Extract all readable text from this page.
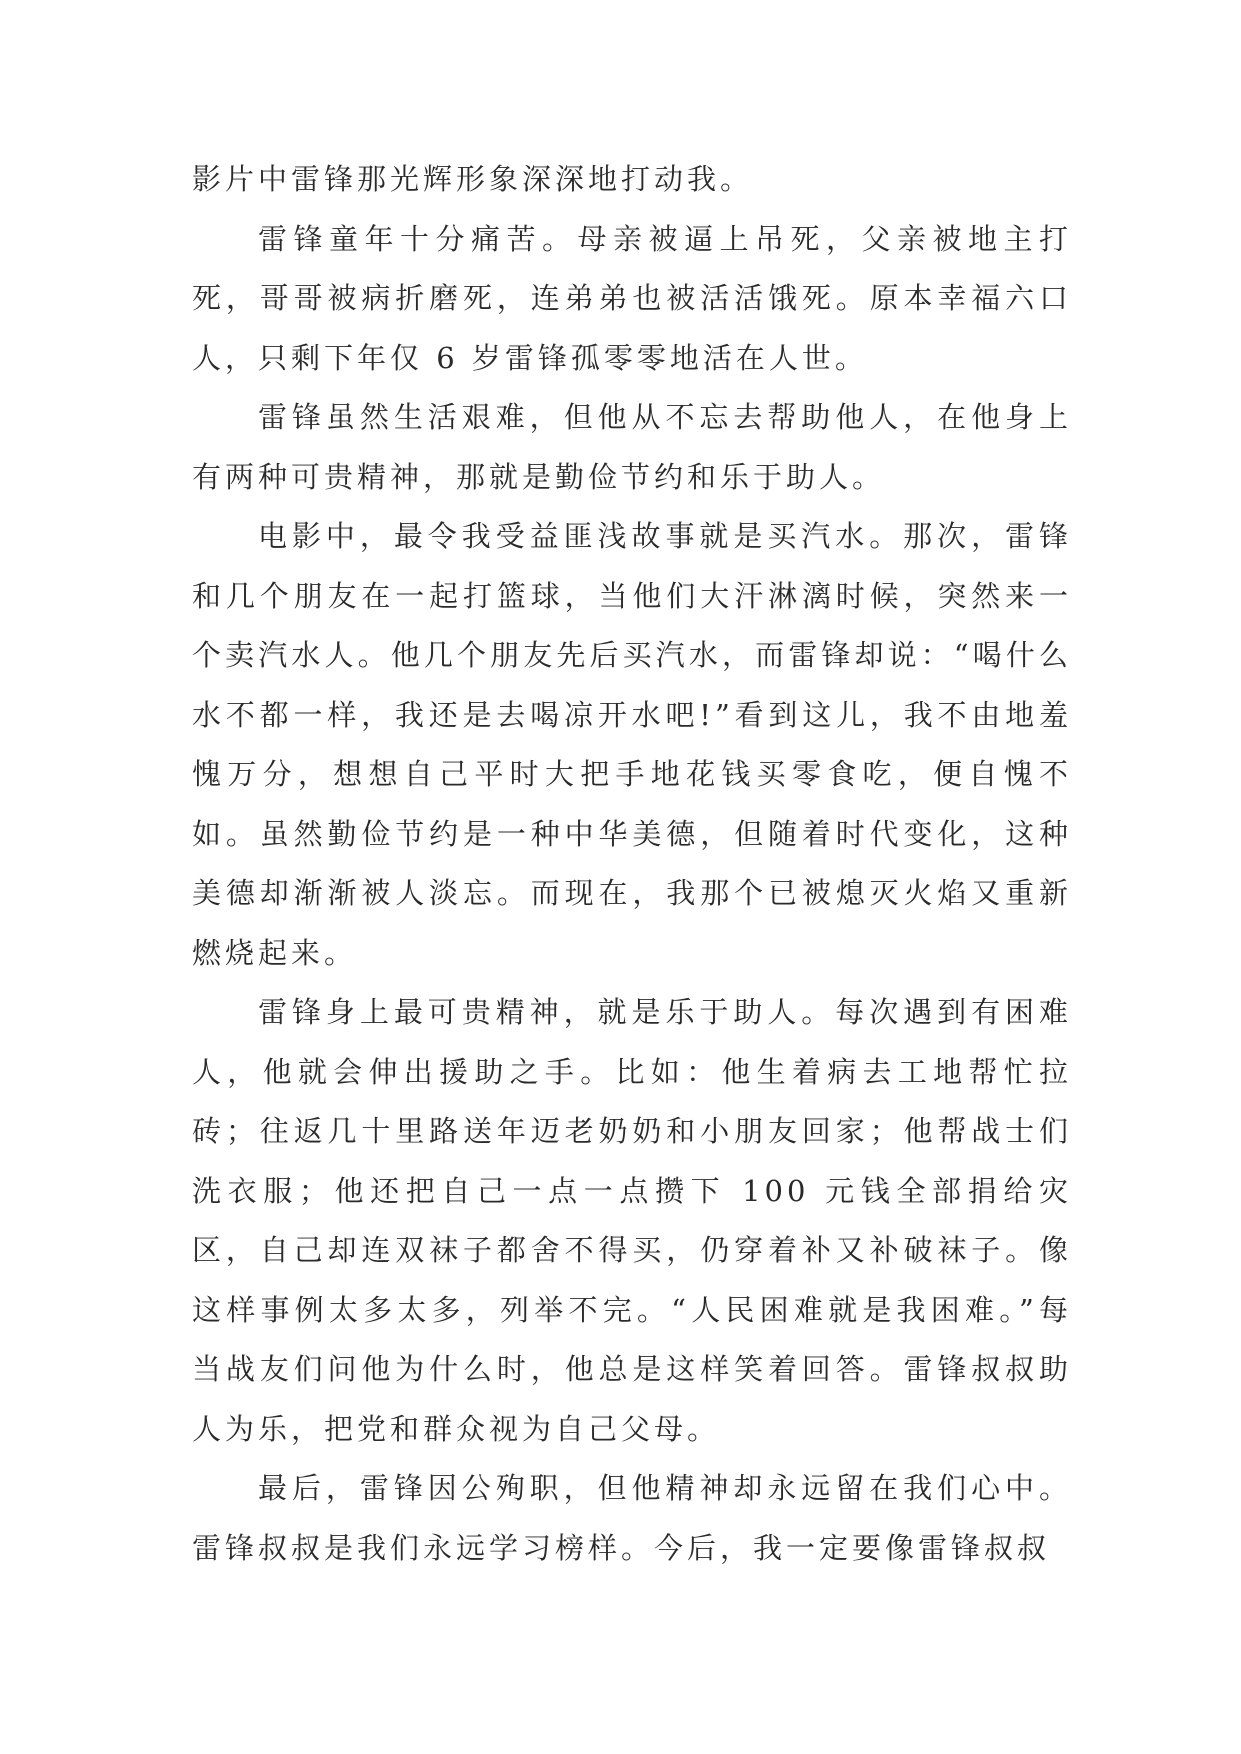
影片中雷锋那光辉形象深深地打动我。

雷锋童年十分痛苦。母亲被逼上吊死，父亲被地主打死，哥哥被病折磨死，连弟弟也被活活饿死。原本幸福六口人，只剩下年仅 6 岁雷锋孤零零地活在人世。

雷锋虽然生活艰难，但他从不忘去帮助他人，在他身上有两种可贵精神，那就是勤俭节约和乐于助人。

电影中，最令我受益匪浅故事就是买汽水。那次，雷锋和几个朋友在一起打篮球，当他们大汗淋漓时候，突然来一个卖汽水人。他几个朋友先后买汽水，而雷锋却说：“喝什么水不都一样，我还是去喝凉开水吧!”看到这儿，我不由地羞愧万分，想想自己平时大把手地花钱买零食吃，便自愧不如。虽然勤俭节约是一种中华美德，但随着时代变化，这种美德却渐渐被人淡忘。而现在，我那个已被熄灭火焰又重新燃烧起来。

雷锋身上最可贵精神，就是乐于助人。每次遇到有困难人，他就会伸出援助之手。比如：他生着病去工地帮忙拉砖；往返几十里路送年迈老奶奶和小朋友回家；他帮战士们洗衣服；他还把自己一点一点攒下 100 元钱全部捐给灾区，自己却连双袜子都舍不得买，仍穿着补又补破袜子。像这样事例太多太多，列举不完。“人民困难就是我困难。”每当战友们问他为什么时，他总是这样笑着回答。雷锋叔叔助人为乐，把党和群众视为自己父母。

最后，雷锋因公殉职，但他精神却永远留在我们心中。雷锋叔叔是我们永远学习榜样。今后，我一定要像雷锋叔叔
